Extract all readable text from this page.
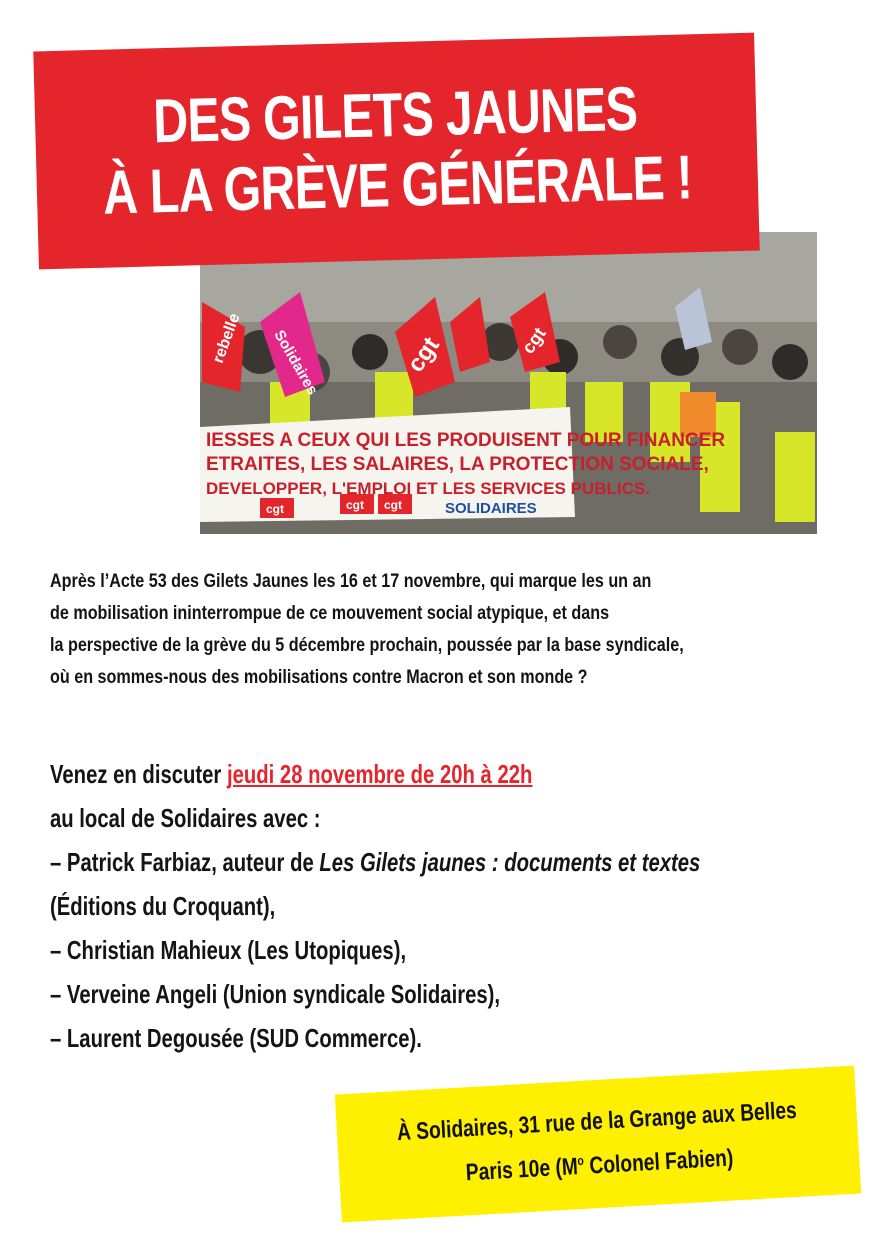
DES GILETS JAUNES
À LA GRÈVE GÉNÉRALE !
rebelle Solidaires	cgt	cgt
IESSES A CEUX QUI LES PRODUISENT POUR FINANCER
ETRAITES, LES SALAIRES, LA PROTECTION SOCIALE,
DEVELOPPER, L'EMPLOI ET LES SERVICES PUBLICS.
SOLIDAIRES
cgt	cgt cgt
Après l’Acte 53 des Gilets Jaunes les 16 et 17 novembre, qui marque les un an
de mobilisation ininterrompue de ce mouvement social atypique, et dans
la perspective de la grève du 5 décembre prochain, poussée par la base syndicale,
où en sommes-nous des mobilisations contre Macron et son monde ?
Venez en discuter jeudi 28 novembre de 20h à 22h
au local de Solidaires avec :
– Patrick Farbiaz, auteur de Les Gilets jaunes : documents et textes
(Éditions du Croquant),
– Christian Mahieux (Les Utopiques),
– Verveine Angeli (Union syndicale Solidaires),
– Laurent Degousée (SUD Commerce).
À Solidaires, 31 rue de la Grange aux Belles
Paris 10e ($M^o$ Colonel Fabien)
